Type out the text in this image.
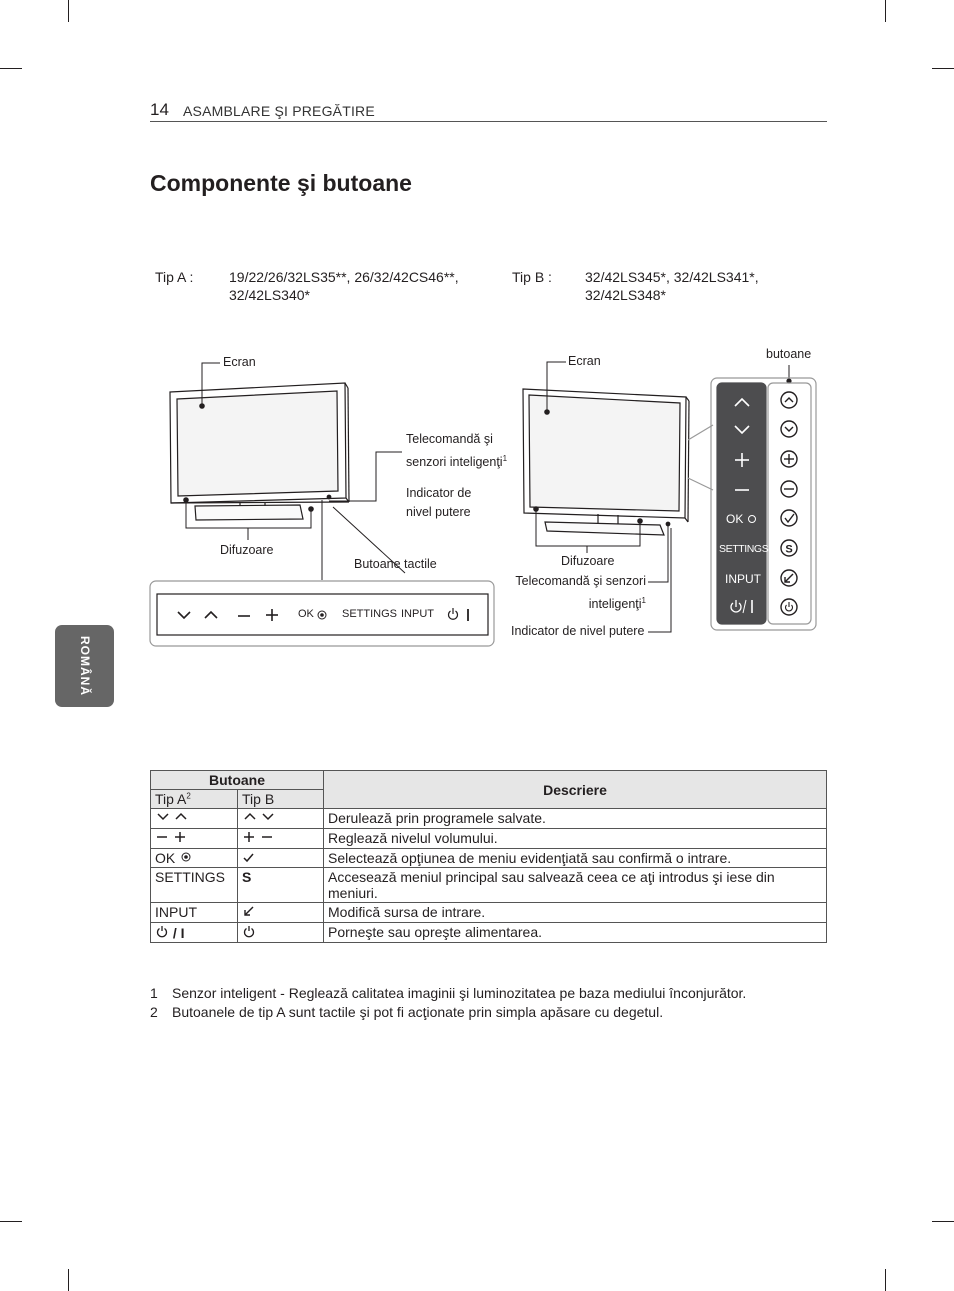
14 ASAMBLARE ŞI PREGĂTIRE
Componente şi butoane
ROMÂNĂ
Tip A :	19/22/26/32LS35**, 26/32/42CS46**,
32/42LS340*
Tip B : 32/42LS345*, 32/42LS341*,
32/42LS348*
S
Ecran
Telecomandă şi
senzori inteligenţi$^1$
Indicator de
nivel putere
Difuzoare
Butoane tactile
OK	SETTINGS INPUT
Ecran	butoane
Difuzoare
Telecomandă şi senzori
inteligenţi$^1$
Indicator de nivel putere
OK
SETTINGS
INPUT
Butoane		Descriere
Tip $A^2$	Tip B	
		Derulează prin programele salvate.
		Reglează nivelul volumului.
OK		Selectează opţiunea de meniu evidenţiată sau confirmă o intrare.
SETTINGS	S	Accesează meniul principal sau salvează ceea ce aţi introdus şi iese din meniuri.
INPUT		Modifică sursa de intrare.
/ I		Porneşte sau opreşte alimentarea.
1 Senzor inteligent - Reglează calitatea imaginii şi luminozitatea pe baza mediului înconjurător.
2 Butoanele de tip A sunt tactile şi pot fi acţionate prin simpla apăsare cu degetul.
